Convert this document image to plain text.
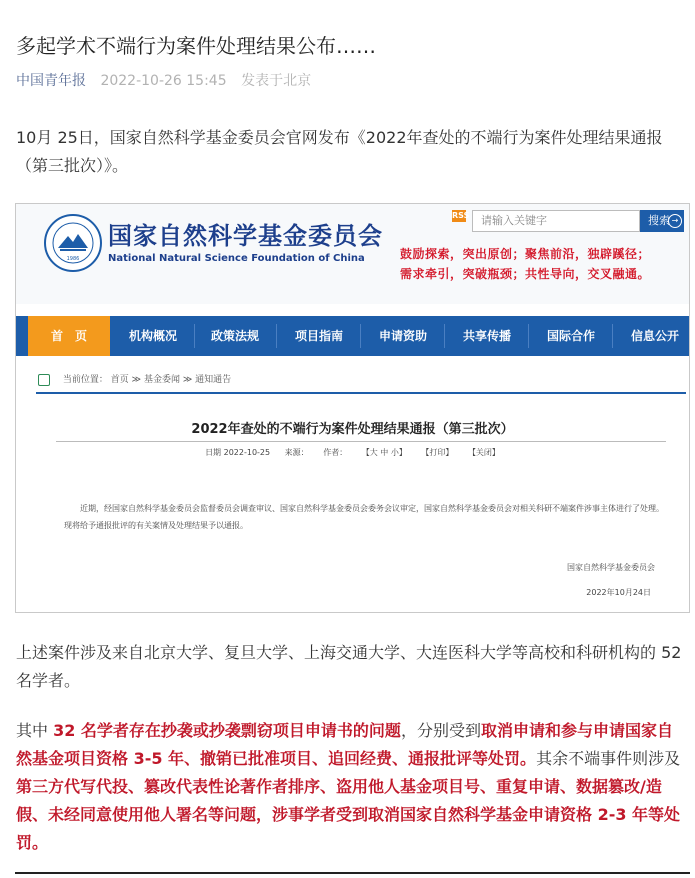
多起学术不端行为案件处理结果公布……
中国青年报 2022-10-26 15:45 发表于北京

10月 25日，国家自然科学基金委员会官网发布《2022年查处的不端行为案件处理结果通报（第三批次）》。

1986
国家自然科学基金委员会
National Natural Science Foundation of China
RSS	请输入关键字	搜索 →
鼓励探索，突出原创；聚焦前沿，独辟蹊径；
需求牵引，突破瓶颈；共性导向，交叉融通。
首　页	机构概况	政策法规	项目指南	申请资助	共享传播	国际合作	信息公开
当前位置： 首页 ≫ 基金委闻 ≫ 通知通告
2022年查处的不端行为案件处理结果通报（第三批次）
日期 2022-10-25 来源： 作者： 【大 中 小】 【打印】 【关闭】

近期，经国家自然科学基金委员会监督委员会调查审议、国家自然科学基金委员会委务会议审定，国家自然科学基金委员会对相关科研不端案件涉事主体进行了处理。现将给予通报批评的有关案情及处理结果予以通报。

国家自然科学基金委员会
2022年10月24日

上述案件涉及来自北京大学、复旦大学、上海交通大学、大连医科大学等高校和科研机构的 52 名学者。

其中 32 名学者存在抄袭或抄袭剽窃项目申请书的问题，分别受到取消申请和参与申请国家自然基金项目资格 3-5 年、撤销已批准项目、追回经费、通报批评等处罚。其余不端事件则涉及第三方代写代投、篡改代表性论著作者排序、盗用他人基金项目号、重复申请、数据篡改/造假、未经同意使用他人署名等问题，涉事学者受到取消国家自然科学基金申请资格 2-3 年等处罚。
